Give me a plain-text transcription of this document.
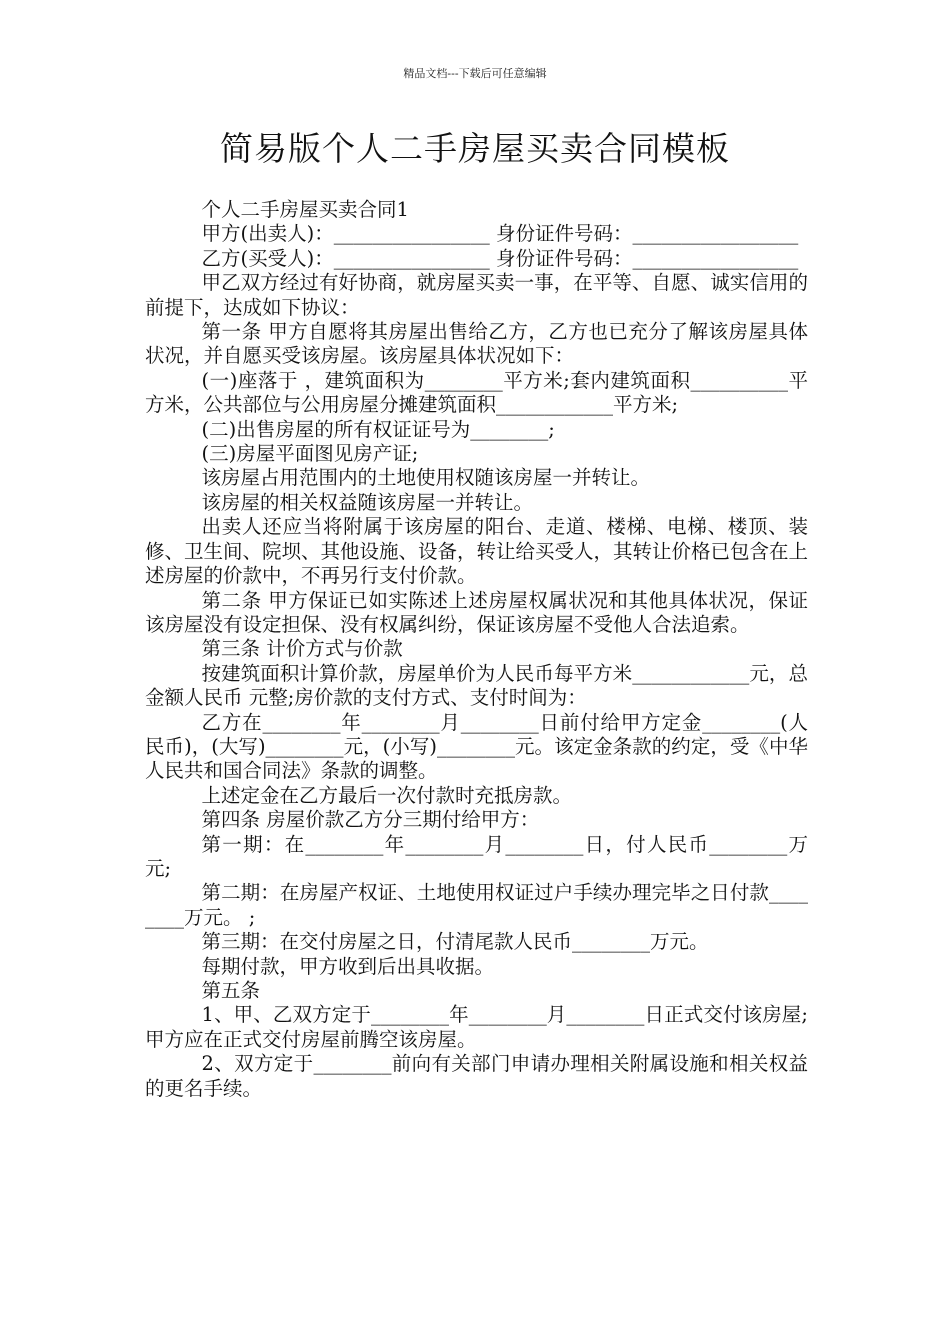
精品文档---下载后可任意编辑
简易版个人二手房屋买卖合同模板

个人二手房屋买卖合同1

甲方(出卖人)：________________ 身份证件号码：_________________

乙方(买受人)：________________ 身份证件号码：_________________

甲乙双方经过有好协商，就房屋买卖一事，在平等、自愿、诚实信用的前提下，达成如下协议：

第一条 甲方自愿将其房屋出售给乙方，乙方也已充分了解该房屋具体状况，并自愿买受该房屋。该房屋具体状况如下：

(一)座落于 ，建筑面积为________平方米;套内建筑面积__________平方米，公共部位与公用房屋分摊建筑面积____________平方米;

(二)出售房屋的所有权证证号为________;

(三)房屋平面图见房产证;

该房屋占用范围内的土地使用权随该房屋一并转让。

该房屋的相关权益随该房屋一并转让。

出卖人还应当将附属于该房屋的阳台、走道、楼梯、电梯、楼顶、装修、卫生间、院坝、其他设施、设备，转让给买受人，其转让价格已包含在上述房屋的价款中，不再另行支付价款。

第二条 甲方保证已如实陈述上述房屋权属状况和其他具体状况，保证该房屋没有设定担保、没有权属纠纷，保证该房屋不受他人合法追索。

第三条 计价方式与价款

按建筑面积计算价款，房屋单价为人民币每平方米____________元，总金额人民币 元整;房价款的支付方式、支付时间为：

乙方在________年________月________日前付给甲方定金________(人民币)，(大写)________元，(小写)________元。该定金条款的约定，受《中华人民共和国合同法》条款的调整。

上述定金在乙方最后一次付款时充抵房款。

第四条 房屋价款乙方分三期付给甲方：

第一期：在________年________月________日，付人民币________万元;

第二期：在房屋产权证、土地使用权证过户手续办理完毕之日付款________万元。 ;

第三期：在交付房屋之日，付清尾款人民币________万元。

每期付款，甲方收到后出具收据。

第五条

1、甲、乙双方定于________年________月________日正式交付该房屋;甲方应在正式交付房屋前腾空该房屋。

2、双方定于________前向有关部门申请办理相关附属设施和相关权益的更名手续。
